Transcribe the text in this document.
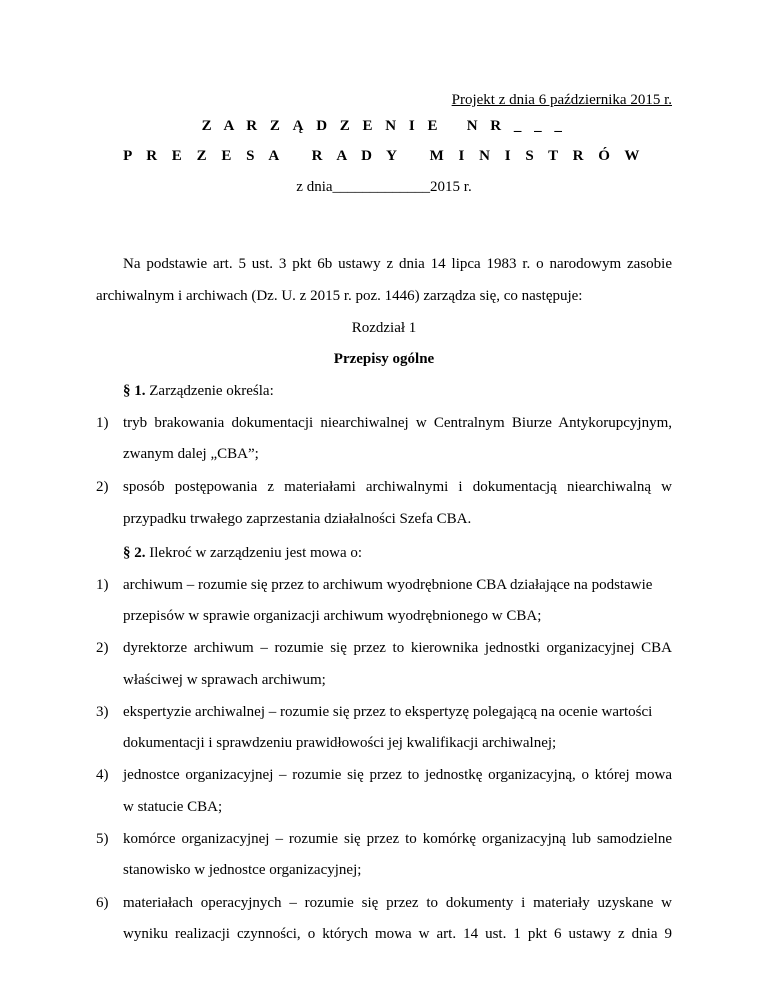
Projekt z dnia 6 października 2015 r.
Z A R Z Ą D Z E N I E   N R _ _ _
P R E Z E S A   R A D Y   M I N I S T R Ó W
z dnia_____________2015 r.
Na podstawie art. 5 ust. 3 pkt 6b ustawy z dnia 14 lipca 1983 r. o narodowym zasobie
archiwalnym i archiwach (Dz. U. z 2015 r. poz. 1446) zarządza się, co następuje:
Rozdział 1
Przepisy ogólne
§ 1. Zarządzenie określa:
1) tryb brakowania dokumentacji niearchiwalnej w Centralnym Biurze Antykorupcyjnym,
zwanym dalej „CBA”;
2) sposób postępowania z materiałami archiwalnymi i dokumentacją niearchiwalną w
przypadku trwałego zaprzestania działalności Szefa CBA.
§ 2. Ilekroć w zarządzeniu jest mowa o:
1) archiwum – rozumie się przez to archiwum wyodrębnione CBA działające na podstawie
przepisów w sprawie organizacji archiwum wyodrębnionego w CBA;
2) dyrektorze archiwum – rozumie się przez to kierownika jednostki organizacyjnej CBA
właściwej w sprawach archiwum;
3) ekspertyzie archiwalnej – rozumie się przez to ekspertyzę polegającą na ocenie wartości
dokumentacji i sprawdzeniu prawidłowości jej kwalifikacji archiwalnej;
4) jednostce organizacyjnej – rozumie się przez to jednostkę organizacyjną, o której mowa
w statucie CBA;
5) komórce organizacyjnej – rozumie się przez to komórkę organizacyjną lub samodzielne
stanowisko w jednostce organizacyjnej;
6) materiałach operacyjnych – rozumie się przez to dokumenty i materiały uzyskane w
wyniku realizacji czynności, o których mowa w art. 14 ust. 1 pkt 6 ustawy z dnia 9
